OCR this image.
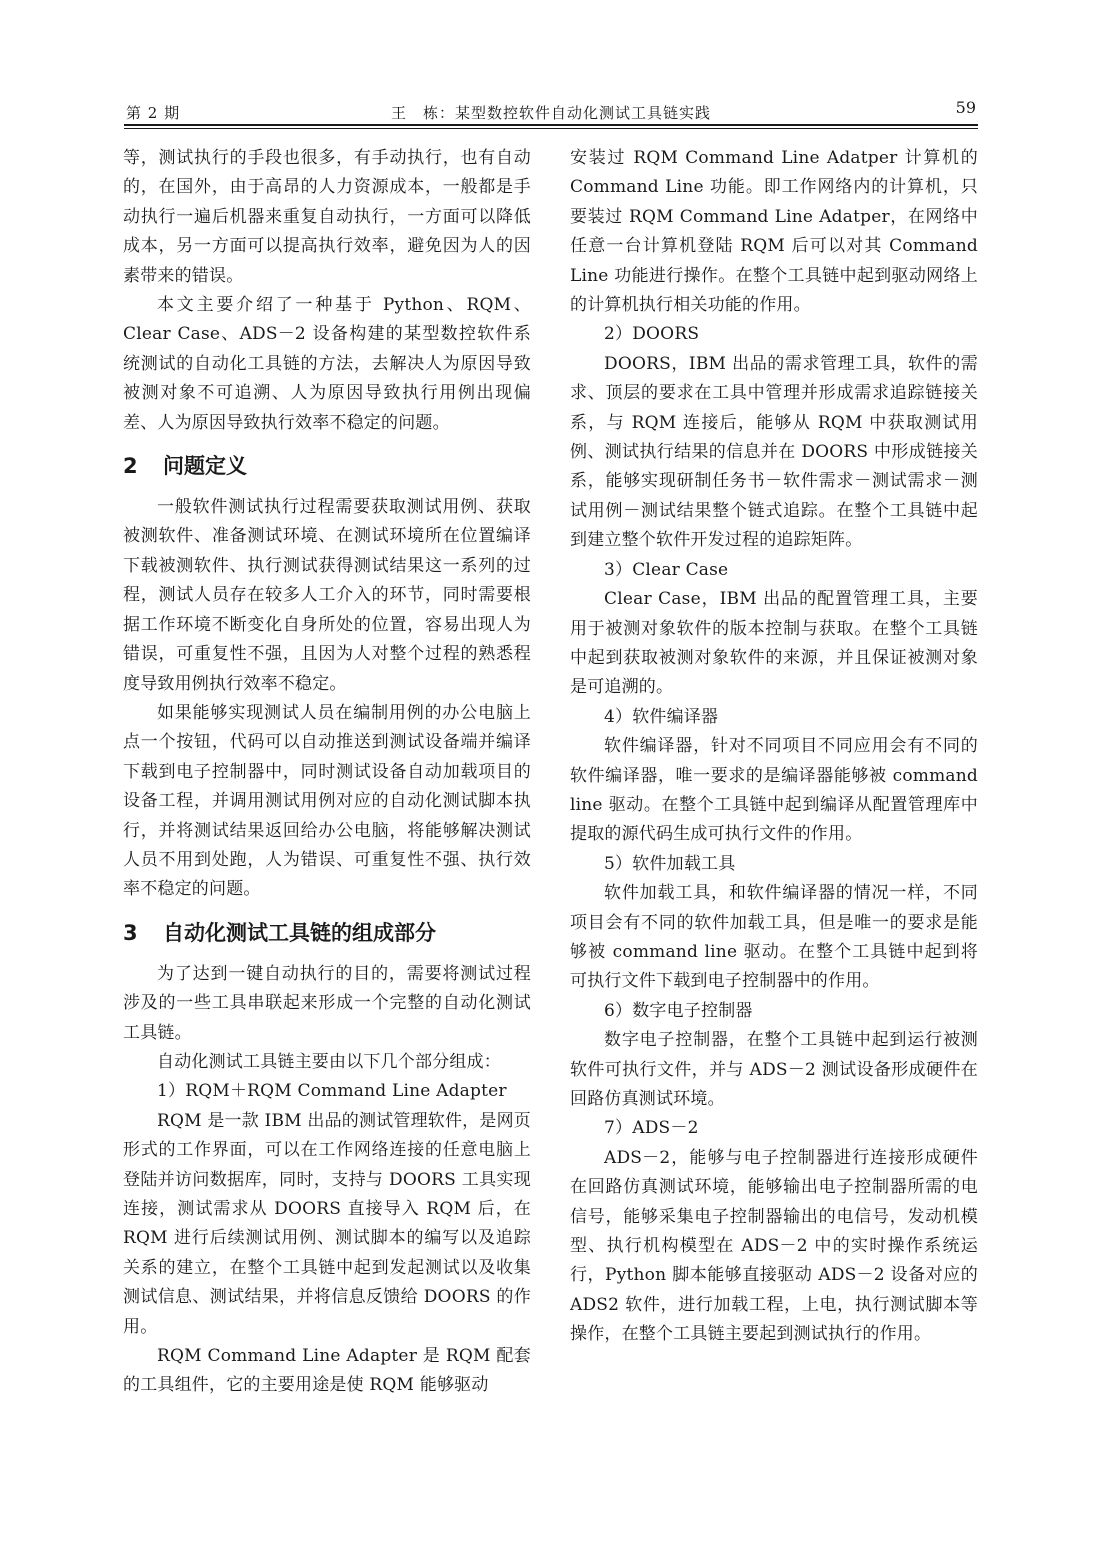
第 2 期	王　栋：某型数控软件自动化测试工具链实践	59

等，测试执行的手段也很多，有手动执行，也有自动的，在国外，由于高昂的人力资源成本，一般都是手动执行一遍后机器来重复自动执行，一方面可以降低成本，另一方面可以提高执行效率，避免因为人的因素带来的错误。

本文主要介绍了一种基于 Python、RQM、Clear Case、ADS－2 设备构建的某型数控软件系统测试的自动化工具链的方法，去解决人为原因导致被测对象不可追溯、人为原因导致执行用例出现偏差、人为原因导致执行效率不稳定的问题。

2 问题定义

一般软件测试执行过程需要获取测试用例、获取被测软件、准备测试环境、在测试环境所在位置编译下载被测软件、执行测试获得测试结果这一系列的过程，测试人员存在较多人工介入的环节，同时需要根据工作环境不断变化自身所处的位置，容易出现人为错误，可重复性不强，且因为人对整个过程的熟悉程度导致用例执行效率不稳定。

如果能够实现测试人员在编制用例的办公电脑上点一个按钮，代码可以自动推送到测试设备端并编译下载到电子控制器中，同时测试设备自动加载项目的设备工程，并调用测试用例对应的自动化测试脚本执行，并将测试结果返回给办公电脑，将能够解决测试人员不用到处跑，人为错误、可重复性不强、执行效率不稳定的问题。

3 自动化测试工具链的组成部分

为了达到一键自动执行的目的，需要将测试过程涉及的一些工具串联起来形成一个完整的自动化测试工具链。

自动化测试工具链主要由以下几个部分组成：

1）RQM＋RQM Command Line Adapter

RQM 是一款 IBM 出品的测试管理软件，是网页形式的工作界面，可以在工作网络连接的任意电脑上登陆并访问数据库，同时，支持与 DOORS 工具实现连接，测试需求从 DOORS 直接导入 RQM 后，在 RQM 进行后续测试用例、测试脚本的编写以及追踪关系的建立，在整个工具链中起到发起测试以及收集测试信息、测试结果，并将信息反馈给 DOORS 的作用。

RQM Command Line Adapter 是 RQM 配套的工具组件，它的主要用途是使 RQM 能够驱动

安装过 RQM Command Line Adatper 计算机的 Command Line 功能。即工作网络内的计算机，只要装过 RQM Command Line Adatper，在网络中任意一台计算机登陆 RQM 后可以对其 Command Line 功能进行操作。在整个工具链中起到驱动网络上的计算机执行相关功能的作用。

2）DOORS

DOORS，IBM 出品的需求管理工具，软件的需求、顶层的要求在工具中管理并形成需求追踪链接关系，与 RQM 连接后，能够从 RQM 中获取测试用例、测试执行结果的信息并在 DOORS 中形成链接关系，能够实现研制任务书－软件需求－测试需求－测试用例－测试结果整个链式追踪。在整个工具链中起到建立整个软件开发过程的追踪矩阵。

3）Clear Case

Clear Case，IBM 出品的配置管理工具，主要用于被测对象软件的版本控制与获取。在整个工具链中起到获取被测对象软件的来源，并且保证被测对象是可追溯的。

4）软件编译器

软件编译器，针对不同项目不同应用会有不同的软件编译器，唯一要求的是编译器能够被 command line 驱动。在整个工具链中起到编译从配置管理库中提取的源代码生成可执行文件的作用。

5）软件加载工具

软件加载工具，和软件编译器的情况一样，不同项目会有不同的软件加载工具，但是唯一的要求是能够被 command line 驱动。在整个工具链中起到将可执行文件下载到电子控制器中的作用。

6）数字电子控制器

数字电子控制器，在整个工具链中起到运行被测软件可执行文件，并与 ADS－2 测试设备形成硬件在回路仿真测试环境。

7）ADS－2

ADS－2，能够与电子控制器进行连接形成硬件在回路仿真测试环境，能够输出电子控制器所需的电信号，能够采集电子控制器输出的电信号，发动机模型、执行机构模型在 ADS－2 中的实时操作系统运行，Python 脚本能够直接驱动 ADS－2 设备对应的 ADS2 软件，进行加载工程，上电，执行测试脚本等操作，在整个工具链主要起到测试执行的作用。
